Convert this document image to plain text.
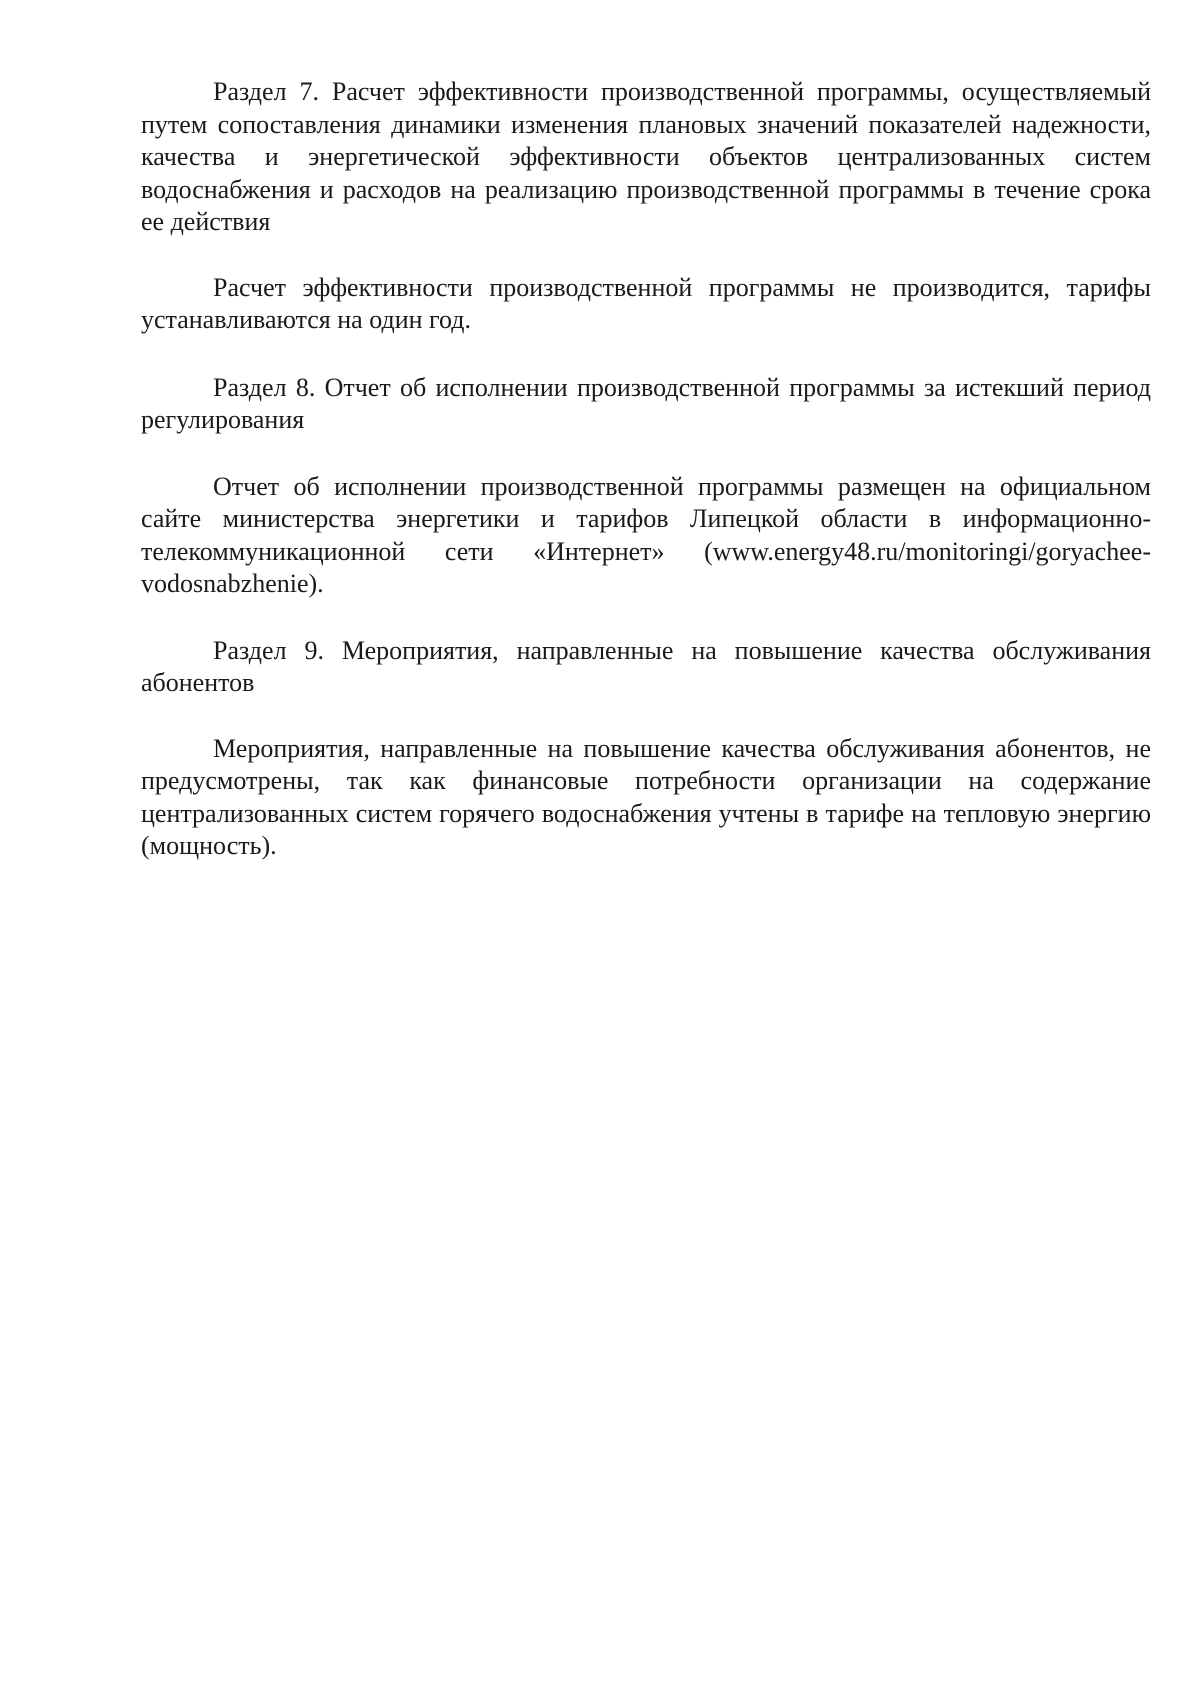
Раздел 7. Расчет эффективности производственной программы, осуществляемый путем сопоставления динамики изменения плановых значений показателей надежности, качества и энергетической эффективности объектов централизованных систем водоснабжения и расходов на реализацию производственной программы в течение срока ее действия

Расчет эффективности производственной программы не производится, тарифы устанавливаются на один год.

Раздел 8. Отчет об исполнении производственной программы за истекший период регулирования

Отчет об исполнении производственной программы размещен на официальном сайте министерства энергетики и тарифов Липецкой области в информационно-телекоммуникационной сети «Интернет» (www.energy48.ru/monitoringi/goryachee-vodosnabzhenie).

Раздел 9. Мероприятия, направленные на повышение качества обслуживания абонентов

Мероприятия, направленные на повышение качества обслуживания абонентов, не предусмотрены, так как финансовые потребности организации на содержание централизованных систем горячего водоснабжения учтены в тарифе на тепловую энергию (мощность).
